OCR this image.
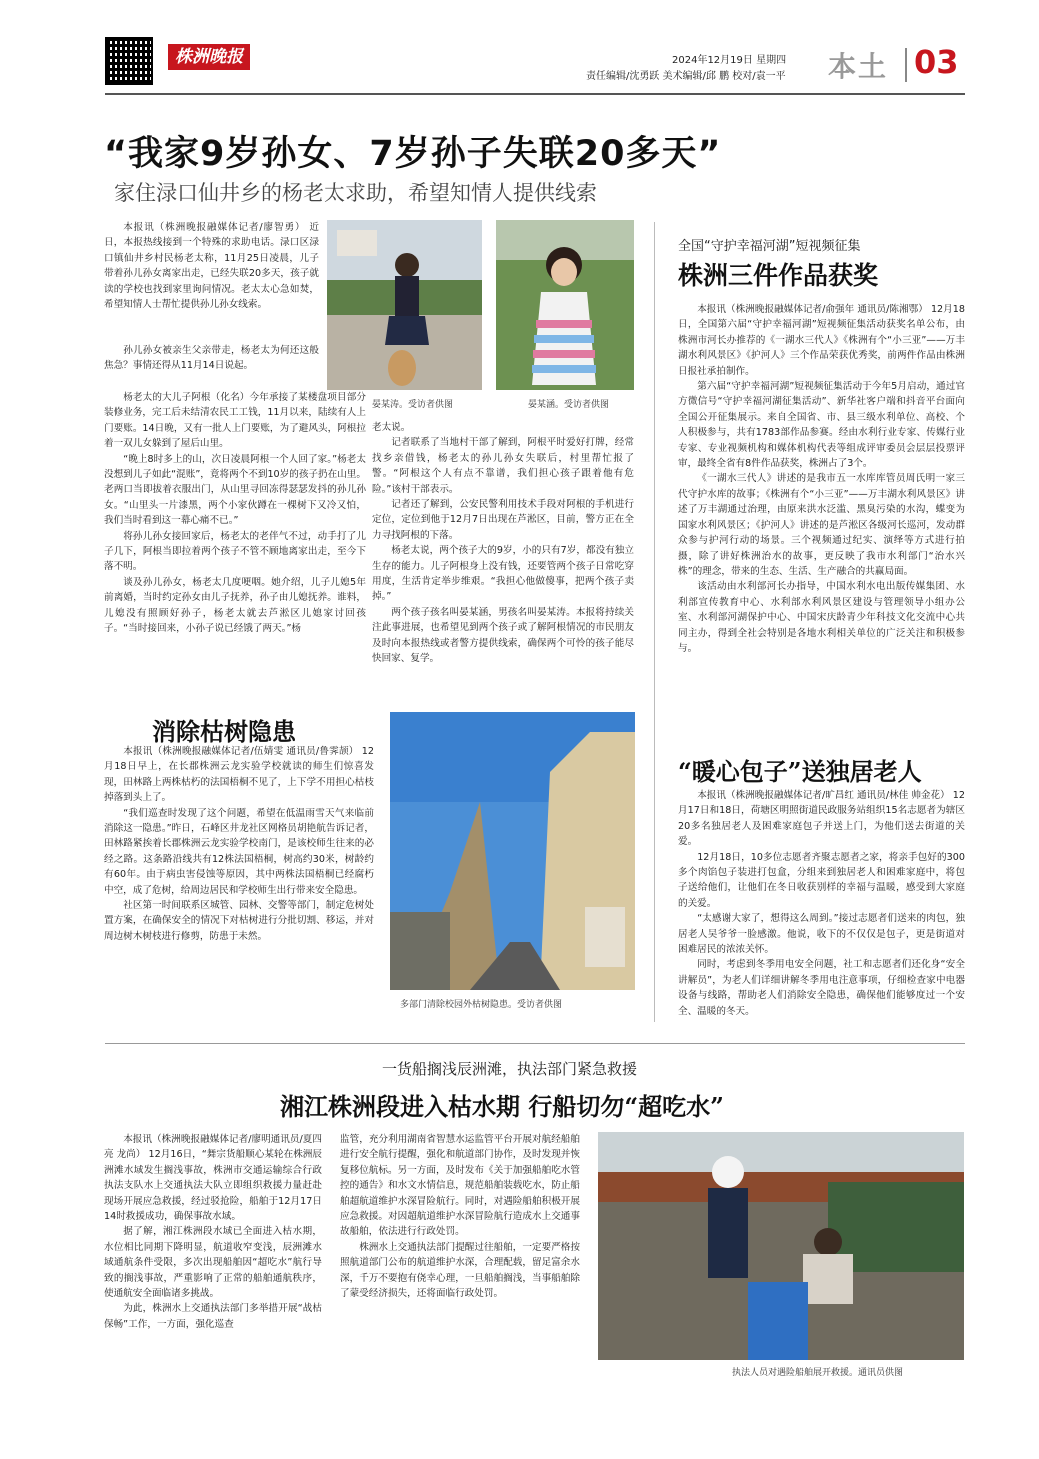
株洲晚报	2024年12月19日 星期四
责任编辑/沈勇跃 美术编辑/邱 鹏 校对/袁一平 本土 03
“我家9岁孙女、7岁孙子失联20多天”
家住渌口仙井乡的杨老太求助，希望知情人提供线索

本报讯（株洲晚报融媒体记者/廖智勇） 近日，本报热线接到一个特殊的求助电话。渌口区渌口镇仙井乡村民杨老太称，11月25日凌晨，儿子带着孙儿孙女离家出走，已经失联20多天，孩子就读的学校也找到家里询问情况。老太太心急如焚，希望知情人士帮忙提供孙儿孙女线索。

孙儿孙女被亲生父亲带走，杨老太为何还这般焦急？事情还得从11月14日说起。

杨老太的大儿子阿根（化名）今年承接了某楼盘项目部分装修业务，完工后未结清农民工工钱，11月以来，陆续有人上门要账。14日晚，又有一批人上门要账，为了避风头，阿根拉着一双儿女躲到了屋后山里。

“晚上8时多上的山，次日凌晨阿根一个人回了家。”杨老太没想到儿子如此“混账”，竟将两个不到10岁的孩子扔在山里。老两口当即拔着衣服出门，从山里寻回冻得瑟瑟发抖的孙儿孙女。“山里头一片漆黑，两个小家伙蹲在一棵树下又冷又怕，我们当时看到这一幕心痛不已。”

将孙儿孙女接回家后，杨老太的老伴气不过，动手打了儿子几下，阿根当即拉着两个孩子不管不顾地离家出走，至今下落不明。

谈及孙儿孙女，杨老太几度哽咽。她介绍，儿子儿媳5年前离婚，当时约定孙女由儿子抚养，孙子由儿媳抚养。谁料，儿媳没有照顾好孙子，杨老太就去芦淞区儿媳家讨回孩子。“当时接回来，小孙子说已经饿了两天。”杨

晏某涛。受访者供图	晏某涵。受访者供图

老太说。

记者联系了当地村干部了解到，阿根平时爱好打牌，经常找乡亲借钱，杨老太的孙儿孙女失联后，村里帮忙报了警。“阿根这个人有点不靠谱，我们担心孩子跟着他有危险。”该村干部表示。

记者还了解到，公安民警利用技术手段对阿根的手机进行定位，定位到他于12月7日出现在芦淞区，目前，警方正在全力寻找阿根的下落。

杨老太说，两个孩子大的9岁，小的只有7岁，都没有独立生存的能力。儿子阿根身上没有钱，还要管两个孩子日常吃穿用度，生活肯定举步维艰。“我担心他做傻事，把两个孩子卖掉。”

两个孩子孩名叫晏某涵，男孩名叫晏某涛。本报将持续关注此事进展，也希望见到两个孩子或了解阿根情况的市民朋友及时向本报热线或者警方提供线索，确保两个可怜的孩子能尽快回家、复学。

全国“守护幸福河湖”短视频征集
株洲三件作品获奖

本报讯（株洲晚报融媒体记者/俞强年 通讯员/陈湘鄂） 12月18日，全国第六届“守护幸福河湖”短视频征集活动获奖名单公布，由株洲市河长办推荐的《一湖水三代人》《株洲有个“小三亚”——万丰湖水利风景区》《护河人》三个作品荣获优秀奖，前两件作品由株洲日报社承拍制作。

第六届“守护幸福河湖”短视频征集活动于今年5月启动，通过官方微信号“守护幸福河湖征集活动”、新华社客户端和抖音平台面向全国公开征集展示。来自全国省、市、县三级水利单位、高校、个人积极参与，共有1783部作品参赛。经由水利行业专家、传媒行业专家、专业视频机构和媒体机构代表等组成评审委员会层层投票评审，最终全省有8件作品获奖，株洲占了3个。

《一湖水三代人》讲述的是我市五一水库库管员周氏明一家三代守护水库的故事；《株洲有个“小三亚”——万丰湖水利风景区》讲述了万丰湖通过治理，由原来洪水泛滥、黑臭污染的水沟，蝶变为国家水利风景区；《护河人》讲述的是芦淞区各级河长巡河，发动群众参与护河行动的场景。三个视频通过纪实、演绎等方式进行拍摄，除了讲好株洲治水的故事，更反映了我市水利部门“治水兴株”的理念，带来的生态、生活、生产融合的共赢局面。

该活动由水利部河长办指导，中国水利水电出版传媒集团、水利部宣传教育中心、水利部水利风景区建设与管理领导小组办公室、水利部河湖保护中心、中国宋庆龄青少年科技文化交流中心共同主办，得到全社会特别是各地水利相关单位的广泛关注和积极参与。

消除枯树隐患

本报讯（株洲晚报融媒体记者/伍婧雯 通讯员/鲁霁颉） 12月18日早上，在长郡株洲云龙实验学校就读的师生们惊喜发现，田林路上两株枯朽的法国梧桐不见了，上下学不用担心枯枝掉落到头上了。

“我们巡查时发现了这个问题，希望在低温雨雪天气来临前消除这一隐患。”昨日，石峰区井龙社区网格员胡艳航告诉记者，田林路紧挨着长郡株洲云龙实验学校南门，是该校师生往来的必经之路。这条路沿线共有12株法国梧桐，树高约30米，树龄约有60年。由于病虫害侵蚀等原因，其中两株法国梧桐已经腐朽中空，成了危树，给周边居民和学校师生出行带来安全隐患。

社区第一时间联系区城管、园林、交警等部门，制定危树处置方案，在确保安全的情况下对枯树进行分批切割、移运，并对周边树木树枝进行修剪，防患于未然。

多部门清除校园外枯树隐患。受访者供图
“暖心包子”送独居老人

本报讯（株洲晚报融媒体记者/旷昌红 通讯员/林佳 帅金花） 12月17日和18日，荷塘区明照街道民政服务站组织15名志愿者为辖区20多名独居老人及困难家庭包子并送上门，为他们送去街道的关爱。

12月18日，10多位志愿者齐聚志愿者之家，将亲手包好的300多个肉馅包子装进打包盒，分组来到独居老人和困难家庭中，将包子送给他们，让他们在冬日收获别样的幸福与温暖，感受到大家庭的关爱。

“太感谢大家了，想得这么周到。”接过志愿者们送来的肉包，独居老人吴爷爷一脸感激。他说，收下的不仅仅是包子，更是街道对困难居民的浓浓关怀。

同时，考虑到冬季用电安全问题，社工和志愿者们还化身“安全讲解员”，为老人们详细讲解冬季用电注意事项，仔细检查家中电器设备与线路，帮助老人们消除安全隐患，确保他们能够度过一个安全、温暖的冬天。

一货船搁浅辰洲滩，执法部门紧急救援
湘江株洲段进入枯水期 行船切勿“超吃水”

本报讯（株洲晚报融媒体记者/廖明通讯员/夏四亮 龙尚） 12月16日，“舞宗货船顺心某轮在株洲辰洲滩水域发生搁浅事故，株洲市交通运输综合行政执法支队水上交通执法大队立即组织救援力量赶赴现场开展应急救援，经过驳抢险，船舶于12月17日14时救援成功，确保事故水域。

据了解，湘江株洲段水域已全面进入枯水期，水位相比同期下降明显，航道收窄变浅，辰洲滩水域通航条件受限，多次出现船舶因“超吃水”航行导致的搁浅事故，严重影响了正常的船舶通航秩序，使通航安全面临诸多挑战。

为此，株洲水上交通执法部门多举措开展“战枯保畅”工作，一方面，强化巡查

监管，充分利用湖南省智慧水运监管平台开展对航经船舶进行安全航行提醒，强化和航道部门协作，及时发现并恢复移位航标。另一方面，及时发布《关于加强船舶吃水管控的通告》和水文水情信息，规范船舶装载吃水，防止船舶超航道维护水深冒险航行。同时，对遇险船舶积极开展应急救援。对因超航道维护水深冒险航行造成水上交通事故船舶，依法进行行政处罚。

株洲水上交通执法部门提醒过往船舶，一定要严格按照航道部门公布的航道维护水深，合理配载，留足富余水深，千万不要抱有侥幸心理，一旦船舶搁浅，当事船舶除了蒙受经济损失，还将面临行政处罚。

执法人员对遇险船舶展开救援。通讯员供图
